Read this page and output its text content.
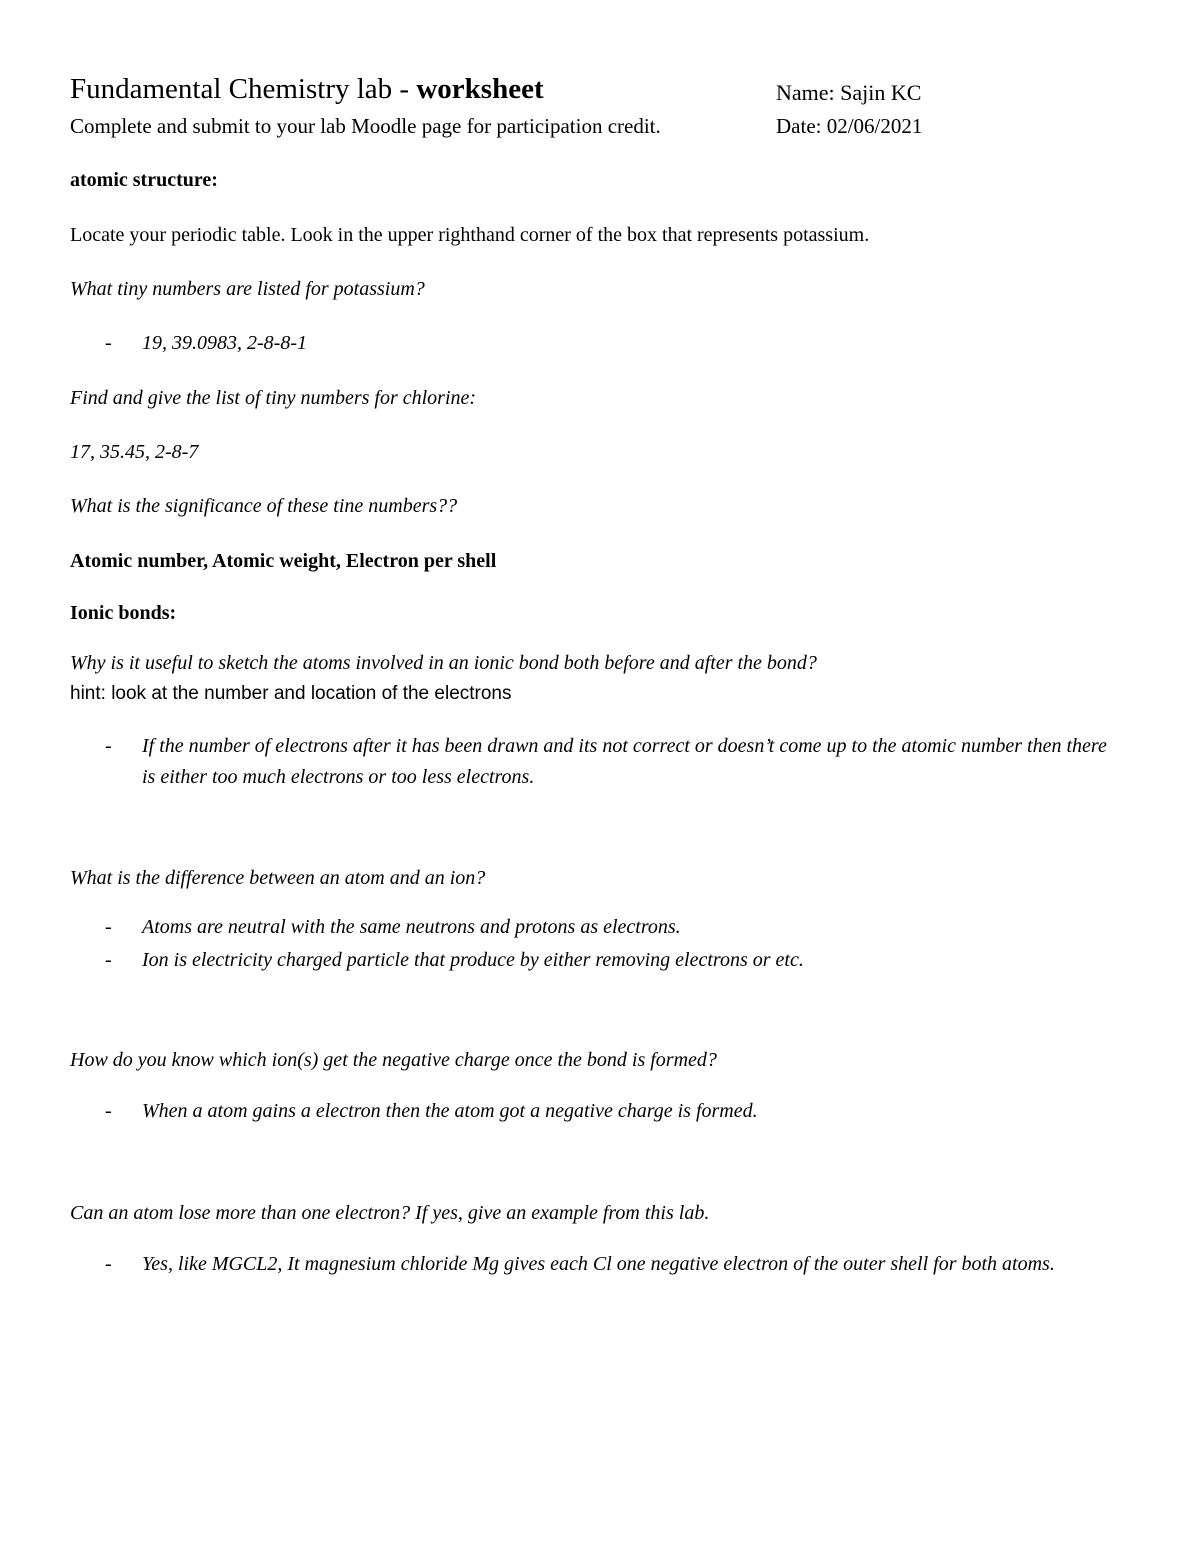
Fundamental Chemistry lab - worksheet	Name: Sajin KC
Complete and submit to your lab Moodle page for participation credit.	Date: 02/06/2021
atomic structure:
Locate your periodic table. Look in the upper righthand corner of the box that represents potassium.
What tiny numbers are listed for potassium?
- 19, 39.0983, 2-8-8-1
Find and give the list of tiny numbers for chlorine:
17, 35.45, 2-8-7
What is the significance of these tine numbers??
Atomic number, Atomic weight, Electron per shell
Ionic bonds:
Why is it useful to sketch the atoms involved in an ionic bond both before and after the bond?
hint: look at the number and location of the electrons
- If the number of electrons after it has been drawn and its not correct or doesn’t come up to the atomic number then there is either too much electrons or too less electrons.
What is the difference between an atom and an ion?
- Atoms are neutral with the same neutrons and protons as electrons.
- Ion is electricity charged particle that produce by either removing electrons or etc.
How do you know which ion(s) get the negative charge once the bond is formed?
- When a atom gains a electron then the atom got a negative charge is formed.
Can an atom lose more than one electron? If yes, give an example from this lab.
- Yes, like MGCL2, It magnesium chloride Mg gives each Cl one negative electron of the outer shell for both atoms.
